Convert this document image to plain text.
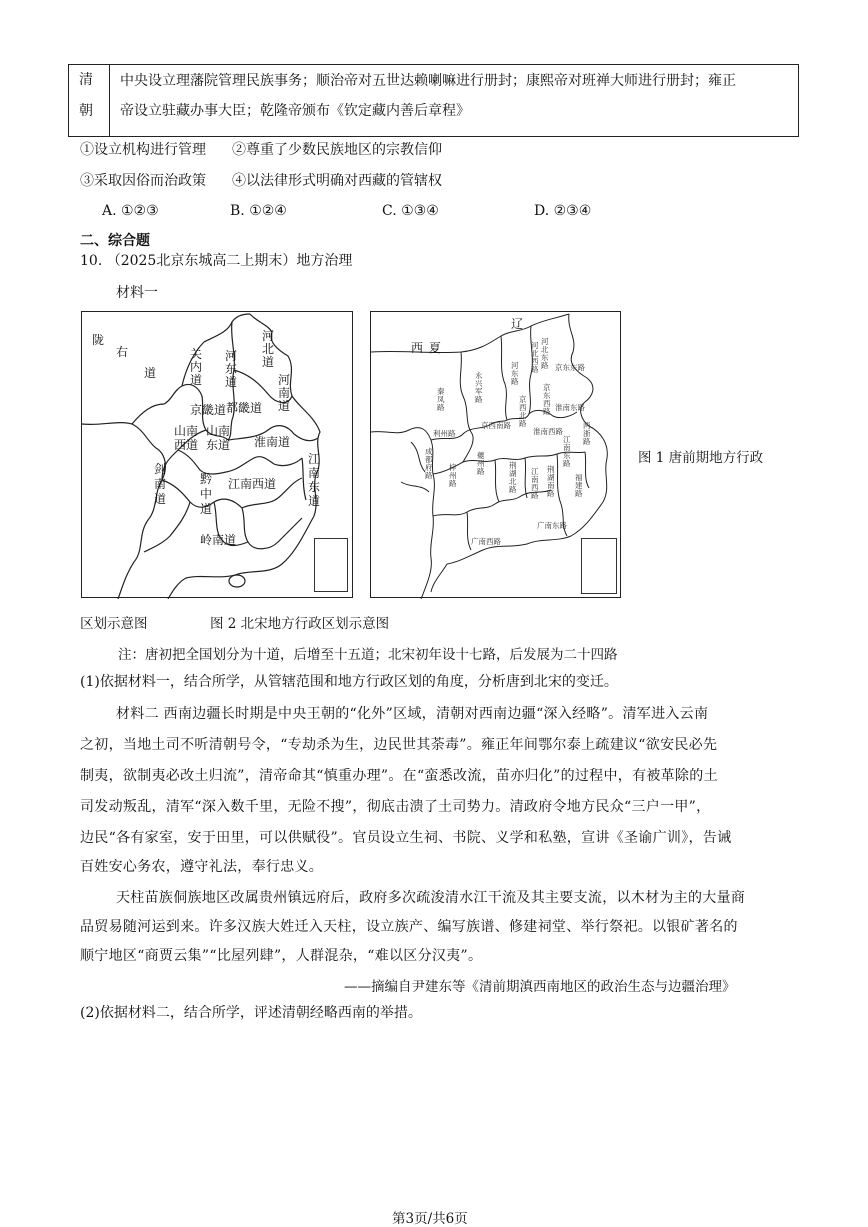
清
朝
中央设立理藩院管理民族事务；顺治帝对五世达赖喇嘛进行册封；康熙帝对班禅大师进行册封；雍正
帝设立驻藏办事大臣；乾隆帝颁布《钦定藏内善后章程》
①设立机构进行管理 ②尊重了少数民族地区的宗教信仰
③采取因俗而治政策 ④以法律形式明确对西藏的管辖权
A. ①②③	B. ①②④	C. ①③④	D. ②③④
二、综合题
10. （2025北京东城高二上期末）地方治理
材料一
陇
右
道
关内道
河东道
河北道
河南道
京畿道 都畿道
山南西道
山南东道 淮南道
剑南道
黔中道
江南西道
江南东道
岭南道
辽
西夏	河北东路
河北西路 京东东路
京东西路
河东路
永兴军路
秦凤路
京西北路
京西南路
淮南东路
淮南西路
利州路
成都府路
夔州路
梓州路
荆湖北路
荆湖南路
江南东路
江南西路
两浙路
福建路
广南东路
广南西路
图 1 唐前期地方行政
区划示意图	图 2 北宋地方行政区划示意图
注：唐初把全国划分为十道，后增至十五道；北宋初年设十七路，后发展为二十四路
(1)依据材料一，结合所学，从管辖范围和地方行政区划的角度，分析唐到北宋的变迁。
材料二 西南边疆长时期是中央王朝的“化外”区域，清朝对西南边疆“深入经略”。清军进入云南
之初，当地土司不听清朝号令，“专劫杀为生，边民世其荼毒”。雍正年间鄂尔泰上疏建议“欲安民必先
制夷，欲制夷必改土归流”，清帝命其“慎重办理”。在“蛮悉改流，苗亦归化”的过程中，有被革除的土
司发动叛乱，清军“深入数千里，无险不搜”，彻底击溃了土司势力。清政府令地方民众“三户一甲”，
边民“各有家室，安于田里，可以供赋役”。官员设立生祠、书院、义学和私塾，宣讲《圣谕广训》，告诫
百姓安心务农，遵守礼法，奉行忠义。
天柱苗族侗族地区改属贵州镇远府后，政府多次疏浚清水江干流及其主要支流，以木材为主的大量商
品贸易随河运到来。许多汉族大姓迁入天柱，设立族产、编写族谱、修建祠堂、举行祭祀。以银矿著名的
顺宁地区“商贾云集”“比屋列肆”，人群混杂，“难以区分汉夷”。
——摘编自尹建东等《清前期滇西南地区的政治生态与边疆治理》
(2)依据材料二，结合所学，评述清朝经略西南的举措。
第3页/共6页
